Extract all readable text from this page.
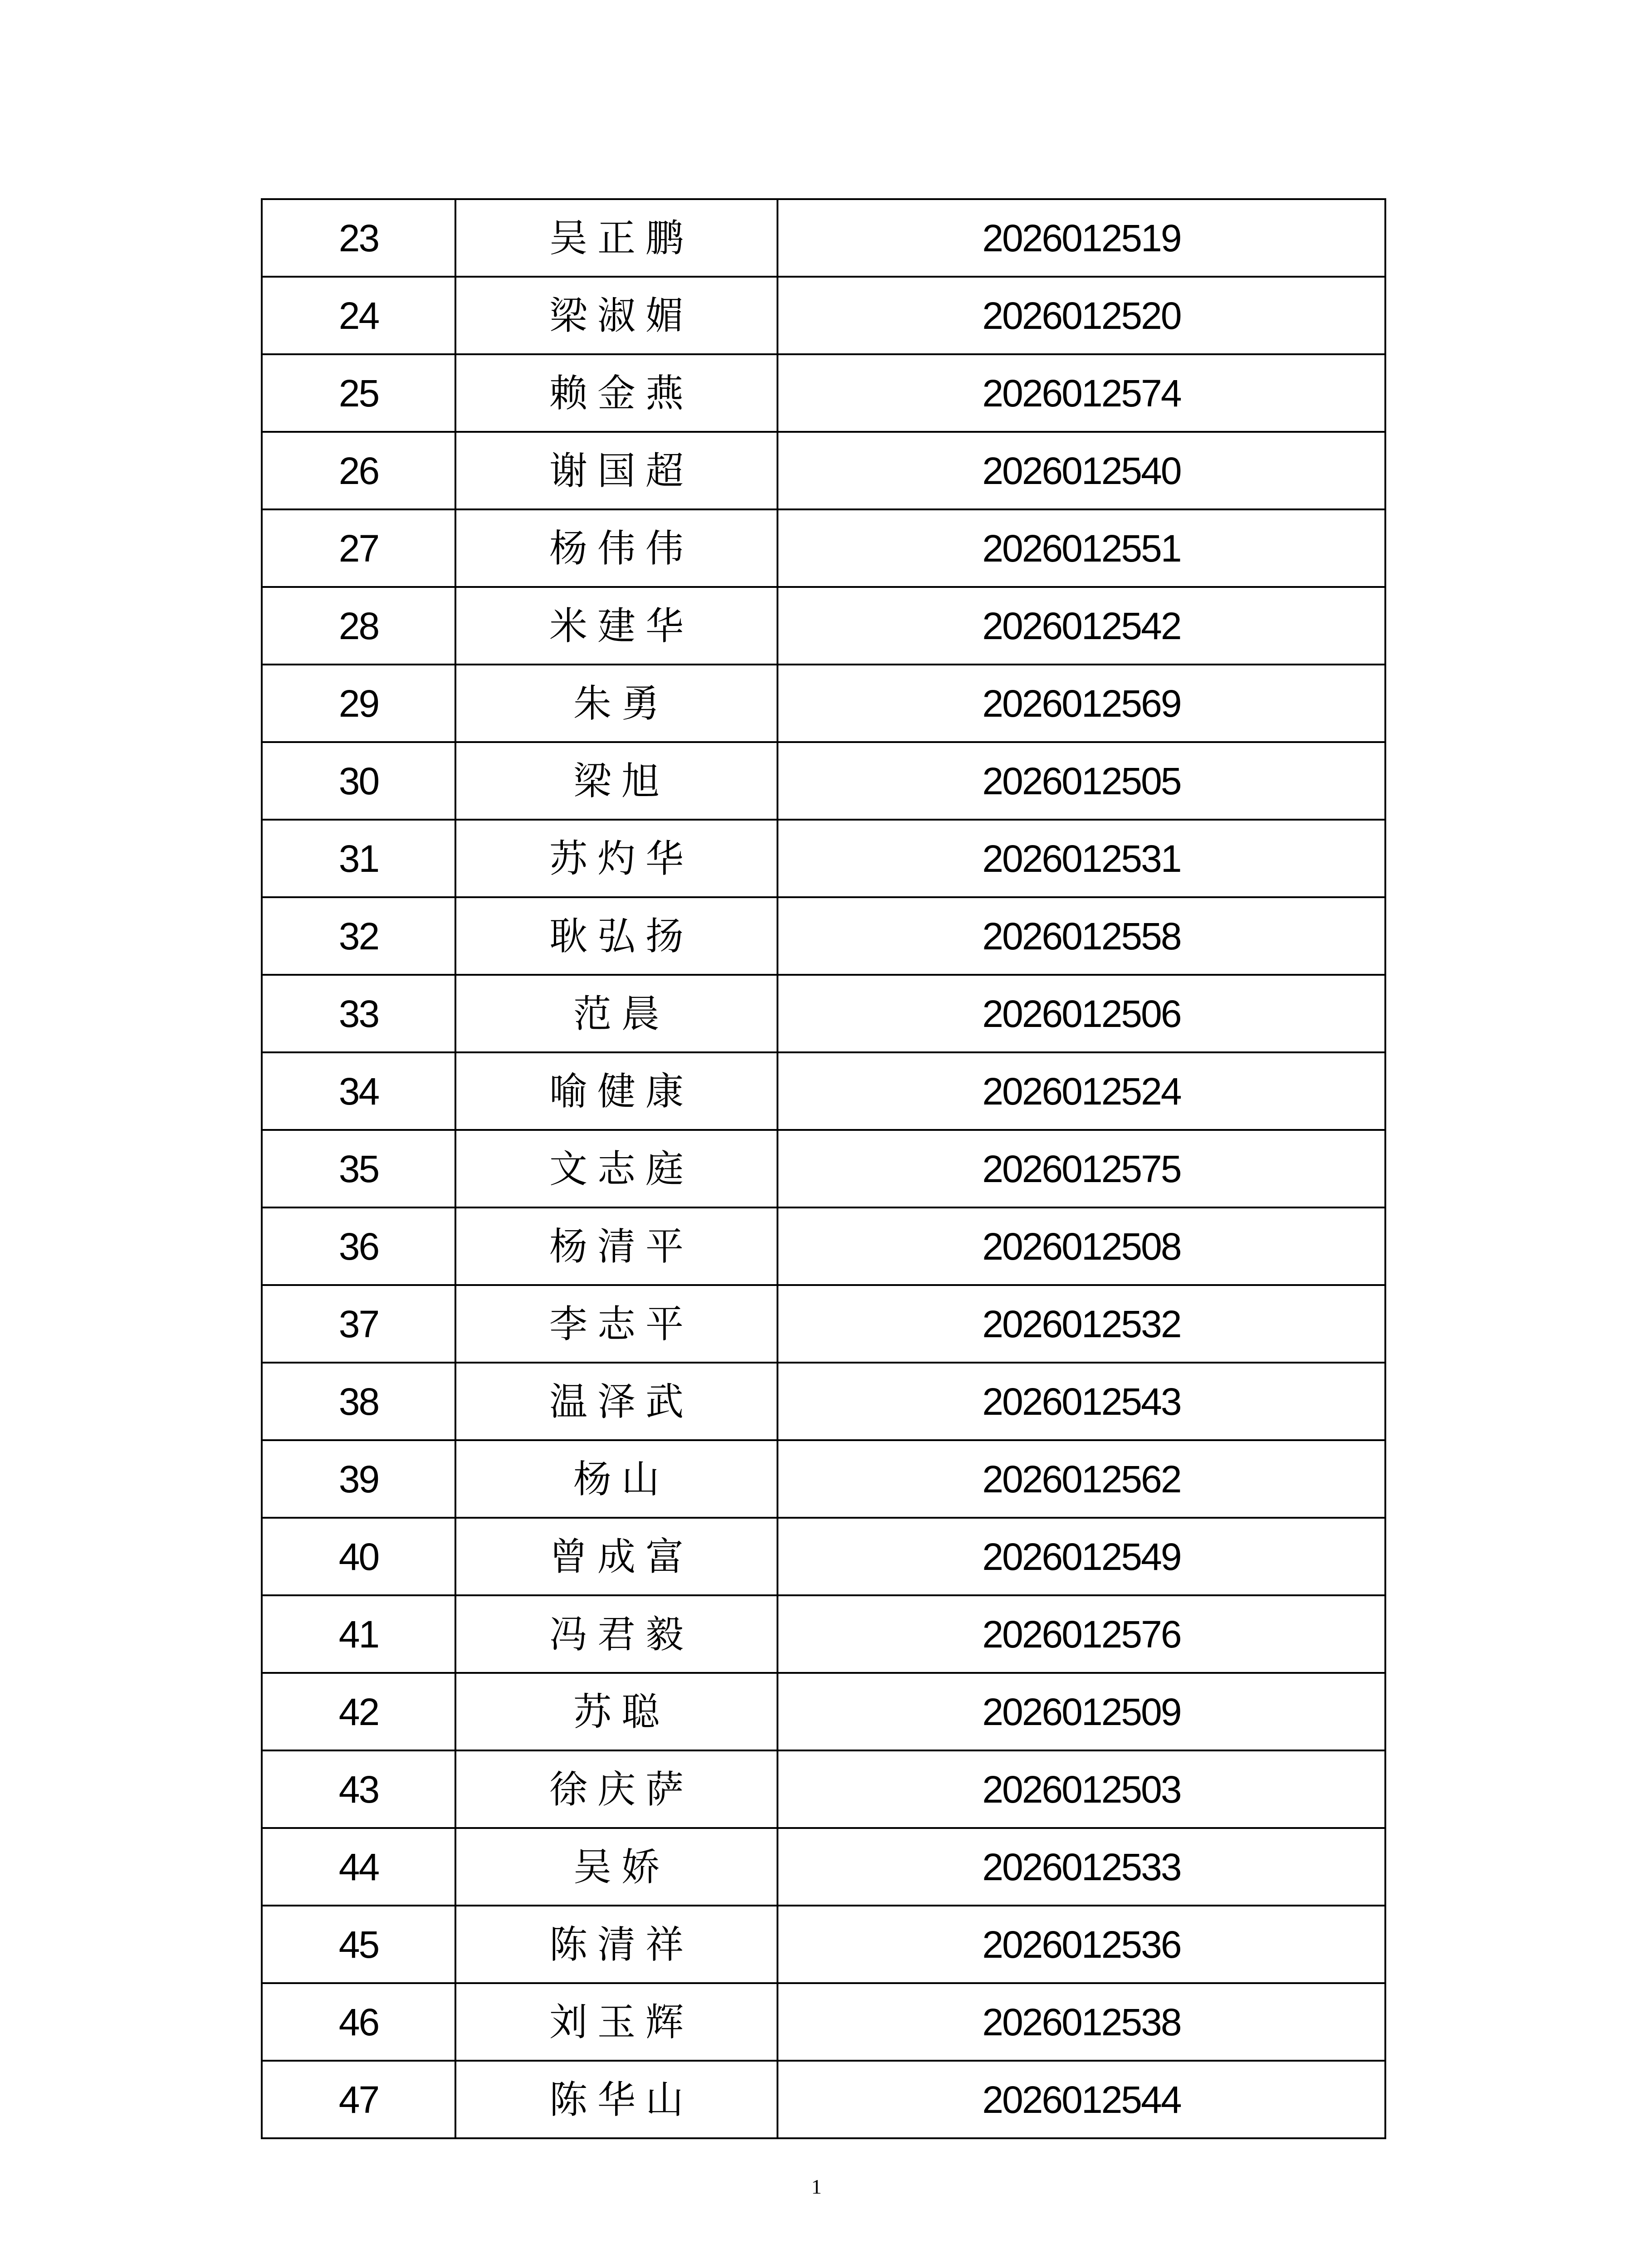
23	吴正鹏	2026012519
24	梁淑媚	2026012520
25	赖金燕	2026012574
26	谢国超	2026012540
27	杨伟伟	2026012551
28	米建华	2026012542
29	朱勇	2026012569
30	梁旭	2026012505
31	苏灼华	2026012531
32	耿弘扬	2026012558
33	范晨	2026012506
34	喻健康	2026012524
35	文志庭	2026012575
36	杨清平	2026012508
37	李志平	2026012532
38	温泽武	2026012543
39	杨山	2026012562
40	曾成富	2026012549
41	冯君毅	2026012576
42	苏聪	2026012509
43	徐庆萨	2026012503
44	吴娇	2026012533
45	陈清祥	2026012536
46	刘玉辉	2026012538
47	陈华山	2026012544
1
